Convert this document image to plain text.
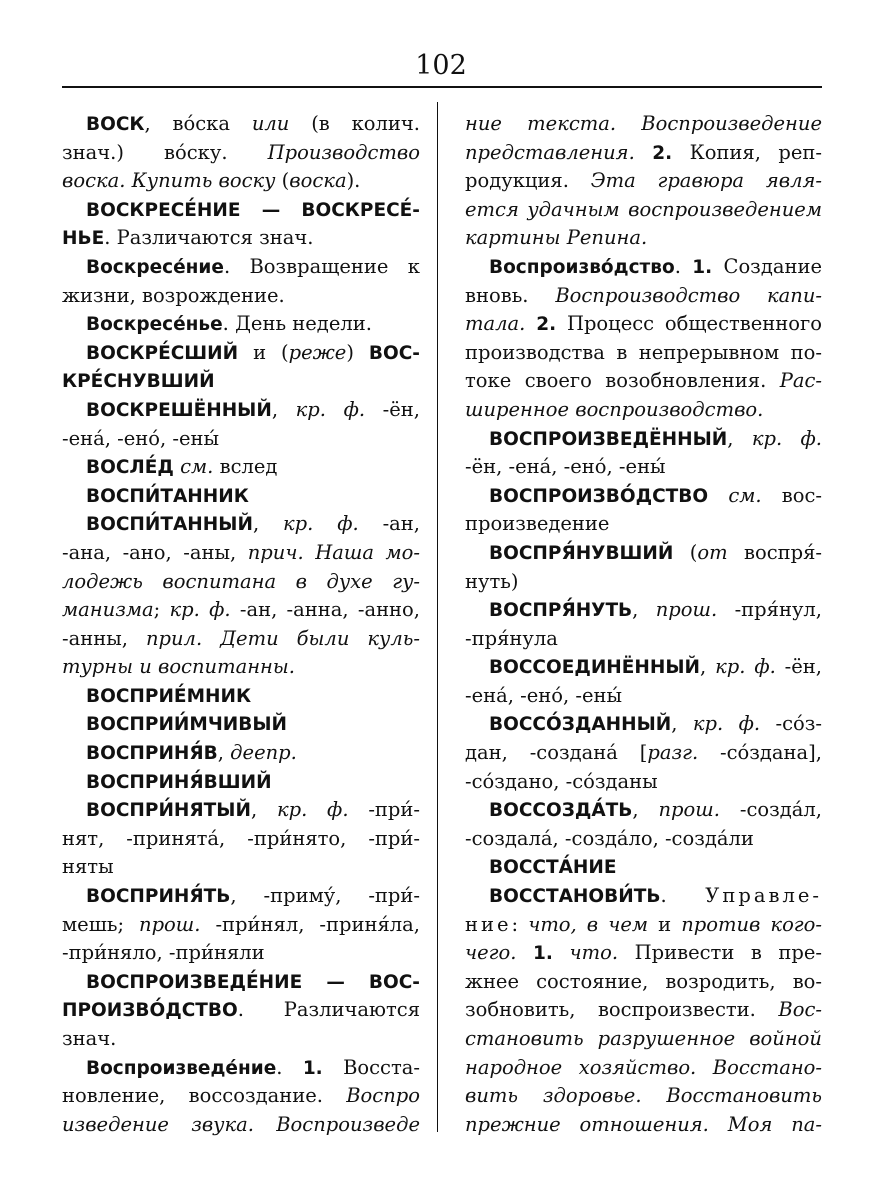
102
ВОСК, во́ска или (в колич.
знач.) во́ску. Производство
воска. Купить воску (воска).
ВОСКРЕСЕ́НИЕ — ВОСКРЕСЕ́-
НЬЕ. Различаются знач.
Воскресе́ние. Возвращение к
жизни, возрождение.
Воскресе́нье. День недели.
ВОСКРЕ́СШИЙ и (реже) ВОС-
КРЕ́СНУВШИЙ
ВОСКРЕШЁННЫЙ, кр. ф. -ён,
-ена́, -ено́, -ены́
ВОСЛЕ́Д см. вслед
ВОСПИ́ТАННИК
ВОСПИ́ТАННЫЙ, кр. ф. -ан,
-ана, -ано, -аны, прич. Наша мо-
лодежь воспитана в духе гу-
манизма; кр. ф. -ан, -анна, -анно,
-анны, прил. Дети были куль-
турны и воспитанны.
ВОСПРИЕ́МНИК
ВОСПРИИ́МЧИВЫЙ
ВОСПРИНЯ́В, деепр.
ВОСПРИНЯ́ВШИЙ
ВОСПРИ́НЯТЫЙ, кр. ф. -при́-
нят, -принята́, -при́нято, -при́-
няты
ВОСПРИНЯ́ТЬ, -приму́, -при́-
мешь; прош. -при́нял, -приня́ла,
-при́няло, -при́няли
ВОСПРОИЗВЕДЕ́НИЕ — ВОС-
ПРОИЗВО́ДСТВО. Различаются
знач.
Воспроизведе́ние. 1. Восста-
новление, воссоздание. Воспро
изведение звука. Воспроизведе
ние текста. Воспроизведение
представления. 2. Копия, реп-
родукция. Эта гравюра явля-
ется удачным воспроизведением
картины Репина.
Воспроизво́дство. 1. Создание
вновь. Воспроизводство капи-
тала. 2. Процесс общественного
производства в непрерывном по-
токе своего возобновления. Рас-
ширенное воспроизводство.
ВОСПРОИЗВЕДЁННЫЙ, кр. ф.
-ён, -ена́, -ено́, -ены́
ВОСПРОИЗВО́ДСТВО см. вос-
произведение
ВОСПРЯ́НУВШИЙ (от воспря́-
нуть)
ВОСПРЯ́НУТЬ, прош. -пря́нул,
-пря́нула
ВОССОЕДИНЁННЫЙ, кр. ф. -ён,
-ена́, -ено́, -ены́
ВОССО́ЗДАННЫЙ, кр. ф. -со́з-
дан, -создана́ [разг. -со́здана],
-со́здано, -со́зданы
ВОССОЗДА́ТЬ, прош. -созда́л,
-создала́, -созда́ло, -созда́ли
ВОССТА́НИЕ
ВОССТАНОВИ́ТЬ. Управле-
ние: что, в чем и против кого-
чего. 1. что. Привести в пре-
жнее состояние, возродить, во-
зобновить, воспроизвести. Вос-
становить разрушенное войной
народное хозяйство. Восстано-
вить здоровье. Восстановить
прежние отношения. Моя па-
